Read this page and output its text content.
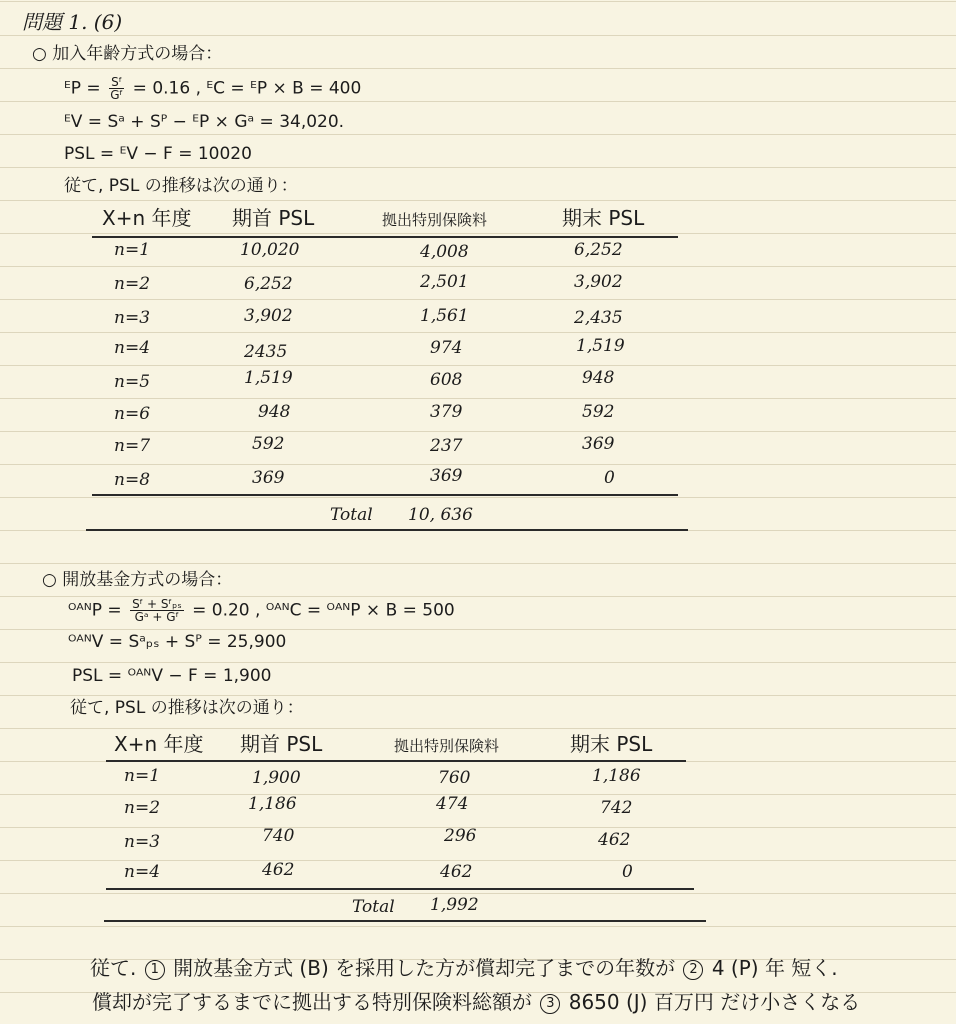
問題 1. (6)
○ 加入年齢方式の場合：
ᴱP = $\frac{\text{Sᶠ}}{\text{Gᶠ}} = 0.16$ , ᴱC = ᴱP × B = 400
ᴱV = Sᵃ + Sᴾ − ᴱP × Gᵃ = 34,020.
PSL = ᴱV − F = 10020
従て, PSL の推移は次の通り：
X+n 年度 期首 PSL	拠出特別保険料	期末 PSL
n=1	10,020	4,008	6,252
n=2	6,252	2,501	3,902
n=3	3,902	1,561	2,435
n=4	2435	974	1,519
n=5	1,519	608	948
n=6	948	379	592
n=7	592	237	369
n=8	369	369	0
Total 10, 636
○ 開放基金方式の場合：
ᴼᴬᴺP = $\frac{\text{Sᶠ + Sᶠₚₛ}}{\text{Gᵃ + Gᶠ}} = 0.20$ , ᴼᴬᴺC = ᴼᴬᴺP × B = 500
ᴼᴬᴺV = Sᵃₚₛ + Sᴾ = 25,900
PSL = ᴼᴬᴺV − F = 1,900
従て, PSL の推移は次の通り：
X+n 年度 期首 PSL	拠出特別保険料	期末 PSL
n=1	1,900	760	1,186
n=2	1,186	474	742
n=3	740	296	462
n=4	462	462	0
Total 1,992
従て. 1 開放基金方式 (B) を採用した方が償却完了までの年数が 2 4 (P) 年 短く.
償却が完了するまでに拠出する特別保険料総額が 3 8650 (J) 百万円 だけ小さくなる
